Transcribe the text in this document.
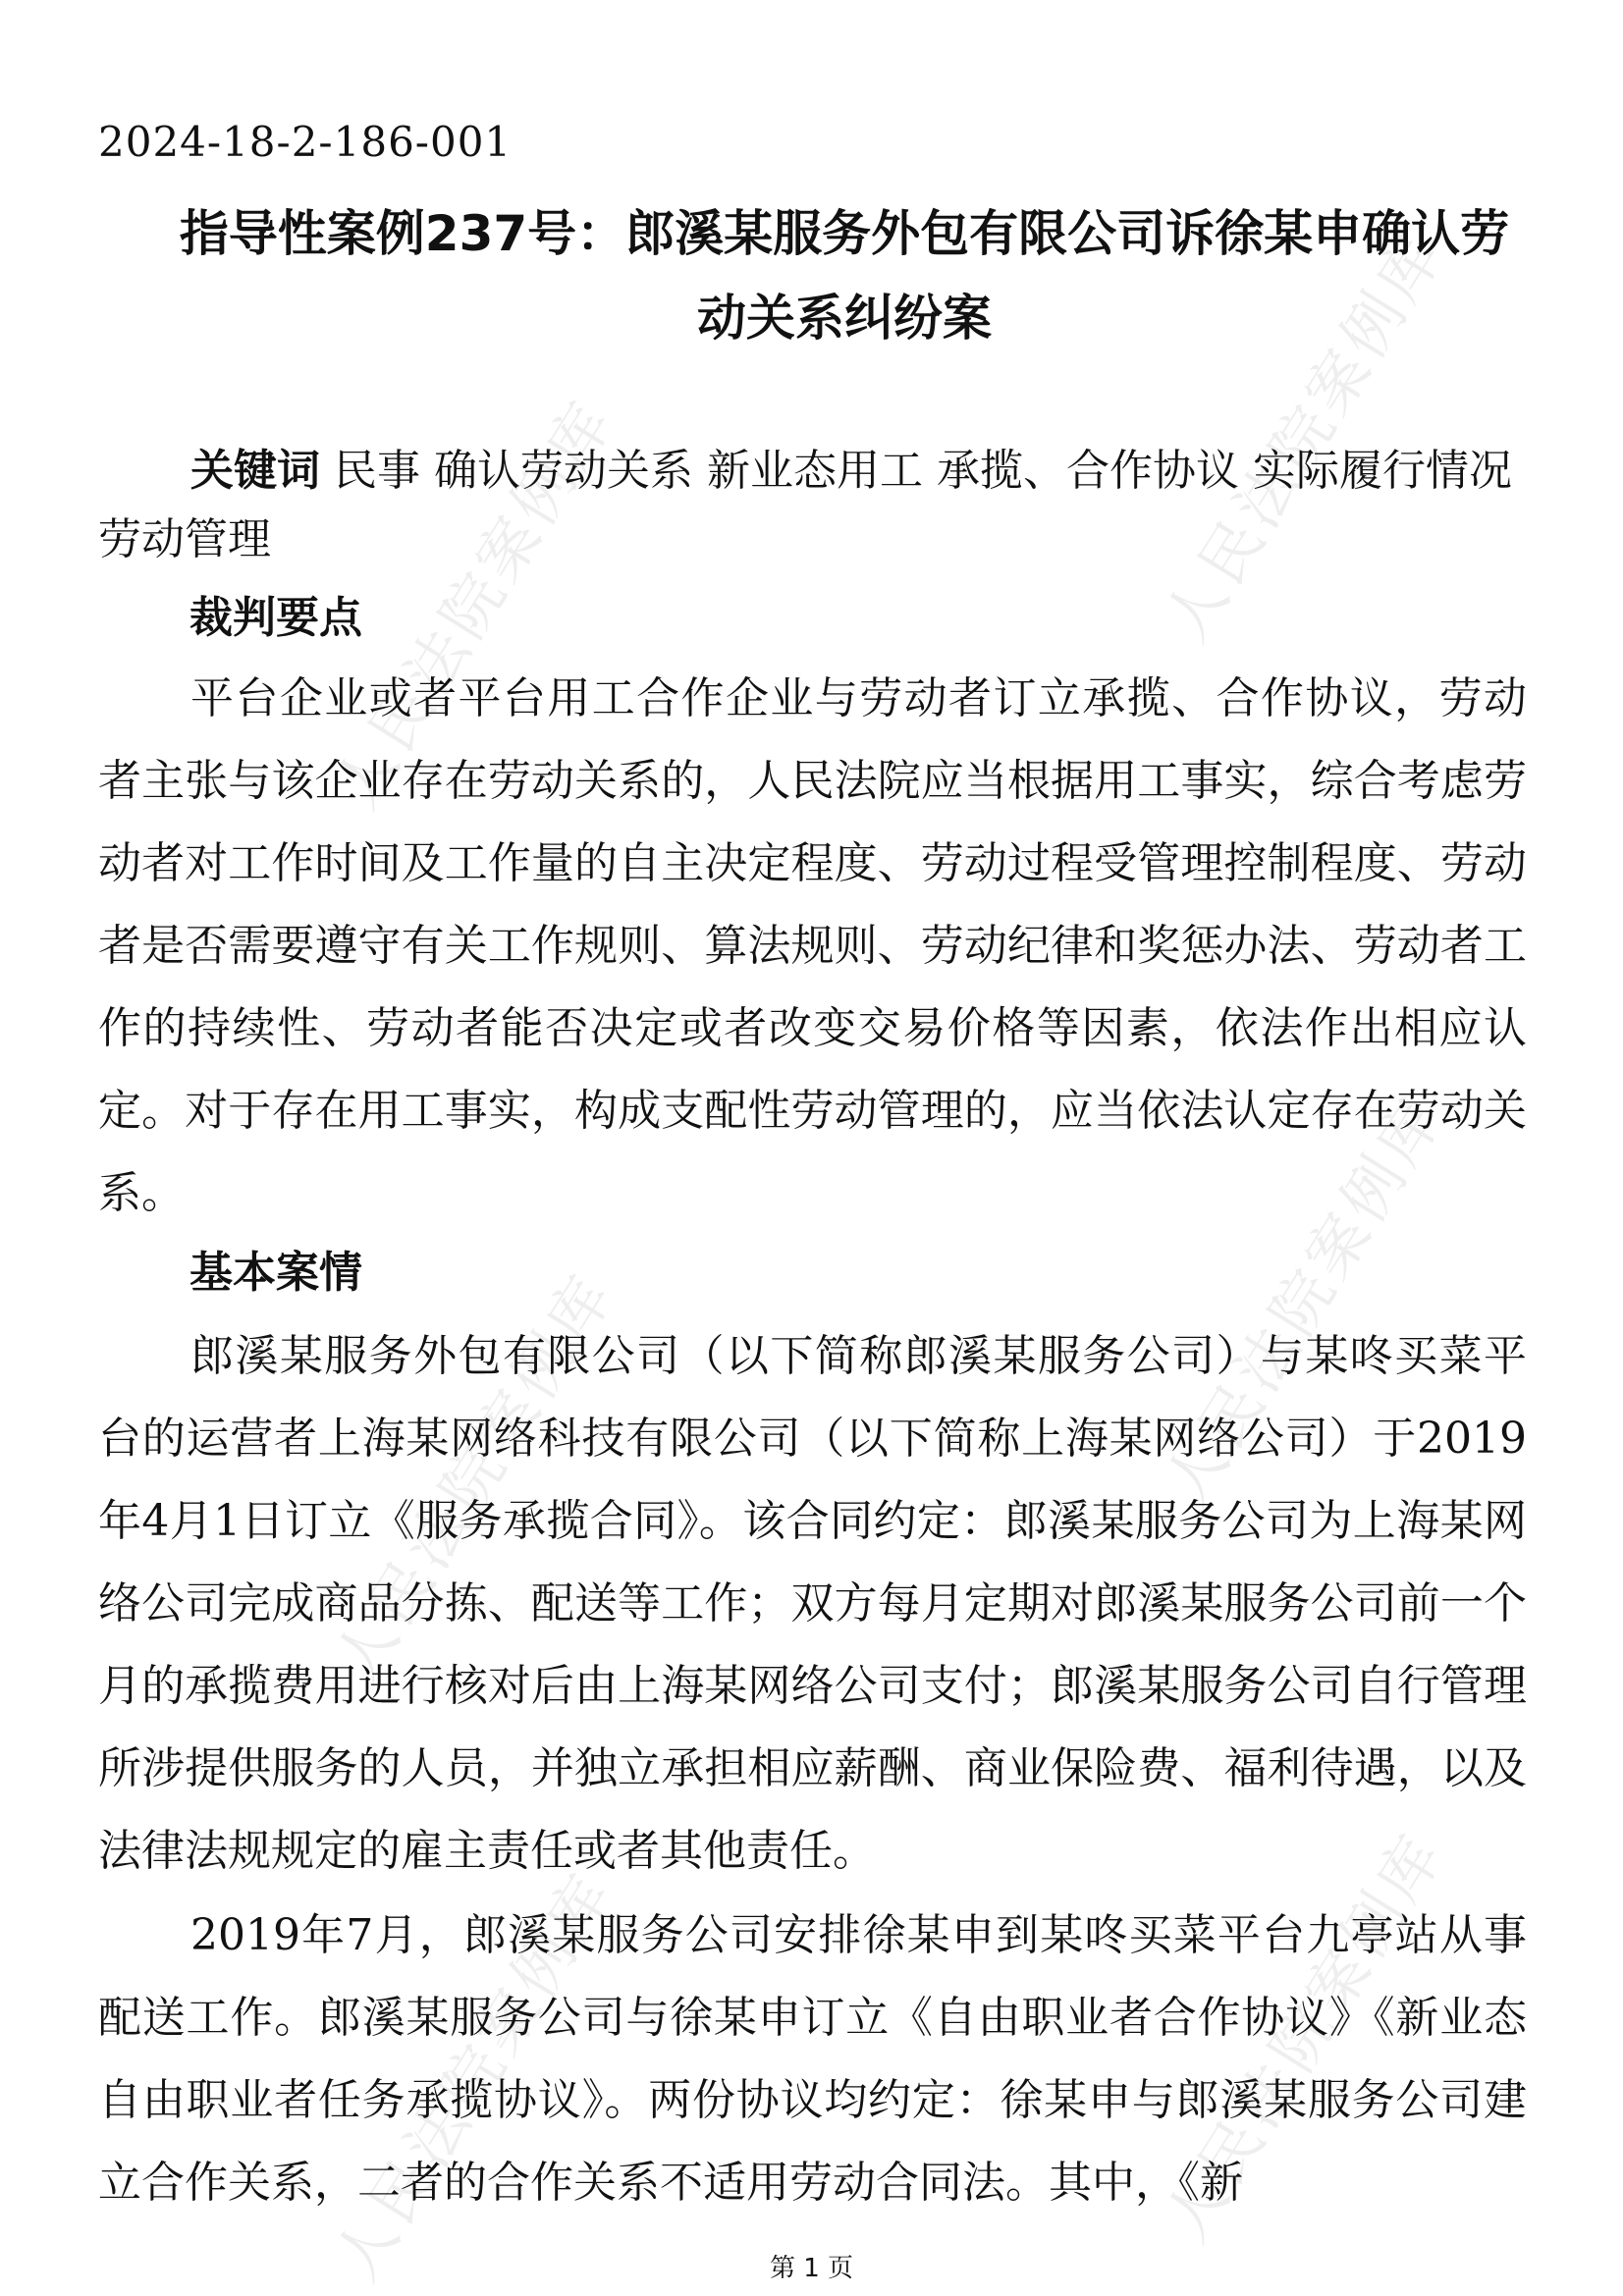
人民法院案例库	人民法院案例库
人民法院案例库	人民法院案例库
人民法院案例库	人民法院案例库
2024-18-2-186-001
指导性案例237号：郎溪某服务外包有限公司诉徐某申确认劳
动关系纠纷案
关键词 民事 确认劳动关系 新业态用工 承揽、合作协议 实际履行情况 劳动管理
裁判要点

平台企业或者平台用工合作企业与劳动者订立承揽、合作协议，劳动者主张与该企业存在劳动关系的，人民法院应当根据用工事实，综合考虑劳动者对工作时间及工作量的自主决定程度、劳动过程受管理控制程度、劳动者是否需要遵守有关工作规则、算法规则、劳动纪律和奖惩办法、劳动者工作的持续性、劳动者能否决定或者改变交易价格等因素，依法作出相应认定。对于存在用工事实，构成支配性劳动管理的，应当依法认定存在劳动关系。

基本案情

郎溪某服务外包有限公司（以下简称郎溪某服务公司）与某咚买菜平台的运营者上海某网络科技有限公司（以下简称上海某网络公司）于2019年4月1日订立《服务承揽合同》。该合同约定：郎溪某服务公司为上海某网络公司完成商品分拣、配送等工作；双方每月定期对郎溪某服务公司前一个月的承揽费用进行核对后由上海某网络公司支付；郎溪某服务公司自行管理所涉提供服务的人员，并独立承担相应薪酬、商业保险费、福利待遇，以及法律法规规定的雇主责任或者其他责任。

2019年7月，郎溪某服务公司安排徐某申到某咚买菜平台九亭站从事配送工作。郎溪某服务公司与徐某申订立《自由职业者合作协议》《新业态自由职业者任务承揽协议》。两份协议均约定：徐某申与郎溪某服务公司建立合作关系，二者的合作关系不适用劳动合同法。其中，《新

第 1 页
